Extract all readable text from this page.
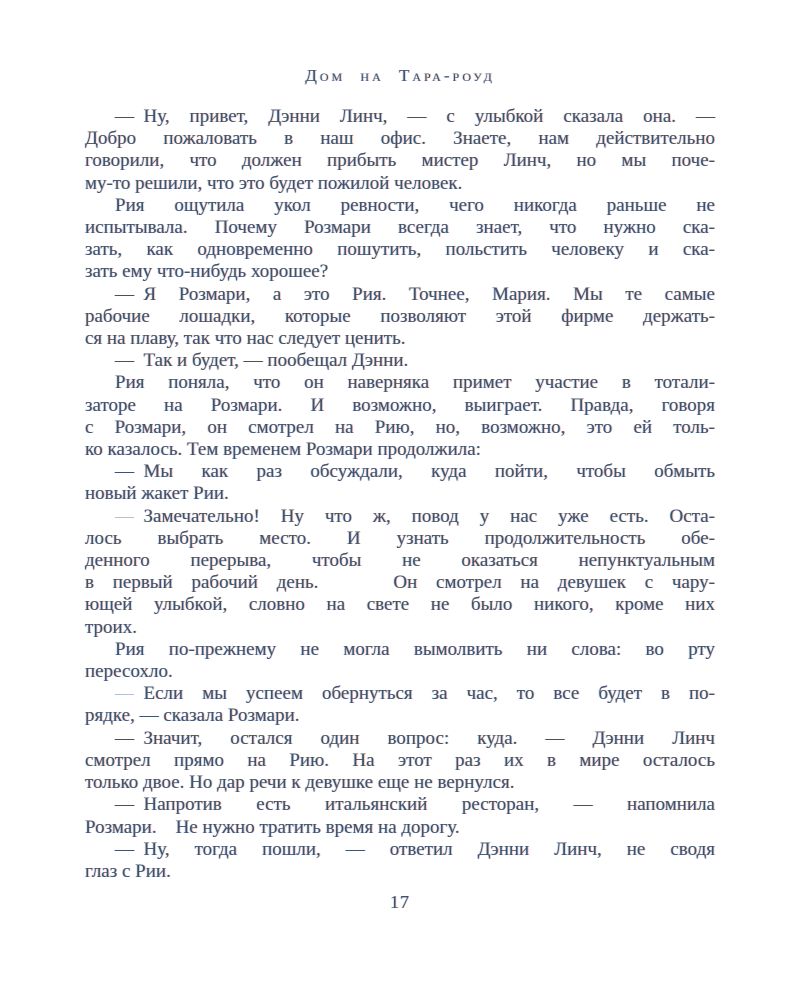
Дом на Тара-роуд

— Ну, привет, Дэнни Линч, — с улыбкой сказала она. —
Добро пожаловать в наш офис. Знаете, нам действительно
говорили, что должен прибыть мистер Линч, но мы поче-
му-то решили, что это будет пожилой человек.

Рия ощутила укол ревности, чего никогда раньше не
испытывала. Почему Розмари всегда знает, что нужно ска-
зать, как одновременно пошутить, польстить человеку и ска-
зать ему что-нибудь хорошее?

— Я Розмари, а это Рия. Точнее, Мария. Мы те самые
рабочие лошадки, которые позволяют этой фирме держать-
ся на плаву, так что нас следует ценить.

— Так и будет, — пообещал Дэнни.

Рия поняла, что он наверняка примет участие в тотали-
заторе на Розмари. И возможно, выиграет. Правда, говоря
с Розмари, он смотрел на Рию, но, возможно, это ей толь-
ко казалось. Тем временем Розмари продолжила:

— Мы как раз обсуждали, куда пойти, чтобы обмыть
новый жакет Рии.

— Замечательно! Ну что ж, повод у нас уже есть. Оста-
лось выбрать место. И узнать продолжительность обе-
денного перерыва, чтобы не оказаться непунктуальным
в первый рабочий день.    Он смотрел на девушек с чару-
ющей улыбкой, словно на свете не было никого, кроме них
троих.

Рия по-прежнему не могла вымолвить ни слова: во рту
пересохло.

— Если мы успеем обернуться за час, то все будет в по-
рядке, — сказала Розмари.

— Значит, остался один вопрос: куда. — Дэнни Линч
смотрел прямо на Рию. На этот раз их в мире осталось
только двое. Но дар речи к девушке еще не вернулся.

— Напротив есть итальянский ресторан, — напомнила
Розмари.    Не нужно тратить время на дорогу.

— Ну, тогда пошли, — ответил Дэнни Линч, не сводя
глаз с Рии.

17
